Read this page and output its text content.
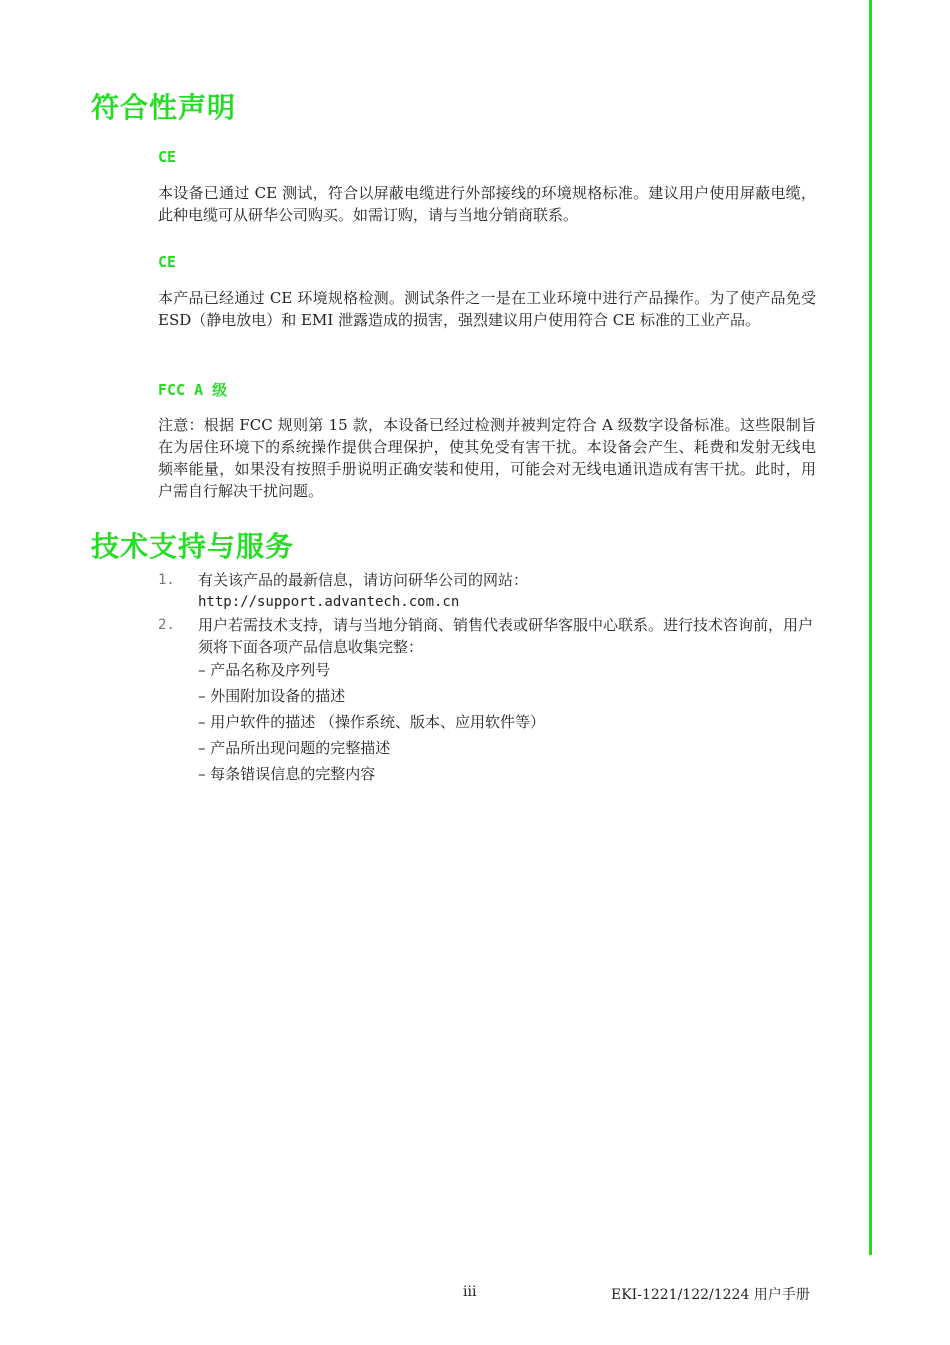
符合性声明
CE

本设备已通过 CE 测试，符合以屏蔽电缆进行外部接线的环境规格标准。建议用户使用屏蔽电缆，此种电缆可从研华公司购买。如需订购，请与当地分销商联系。

CE

本产品已经通过 CE 环境规格检测。测试条件之一是在工业环境中进行产品操作。为了使产品免受 ESD（静电放电）和 EMI 泄露造成的损害，强烈建议用户使用符合 CE 标准的工业产品。

FCC A 级

注意：根据 FCC 规则第 15 款，本设备已经过检测并被判定符合 A 级数字设备标准。这些限制旨在为居住环境下的系统操作提供合理保护，使其免受有害干扰。本设备会产生、耗费和发射无线电频率能量，如果没有按照手册说明正确安装和使用，可能会对无线电通讯造成有害干扰。此时，用户需自行解决干扰问题。

技术支持与服务
1. 有关该产品的最新信息，请访问研华公司的网站：
http://support.advantech.com.cn
2. 用户若需技术支持，请与当地分销商、销售代表或研华客服中心联系。进行技术咨询前，用户须将下面各项产品信息收集完整：
– 产品名称及序列号
– 外围附加设备的描述
– 用户软件的描述 （操作系统、版本、应用软件等）
– 产品所出现问题的完整描述
– 每条错误信息的完整内容
iii	EKI-1221/122/1224 用户手册
